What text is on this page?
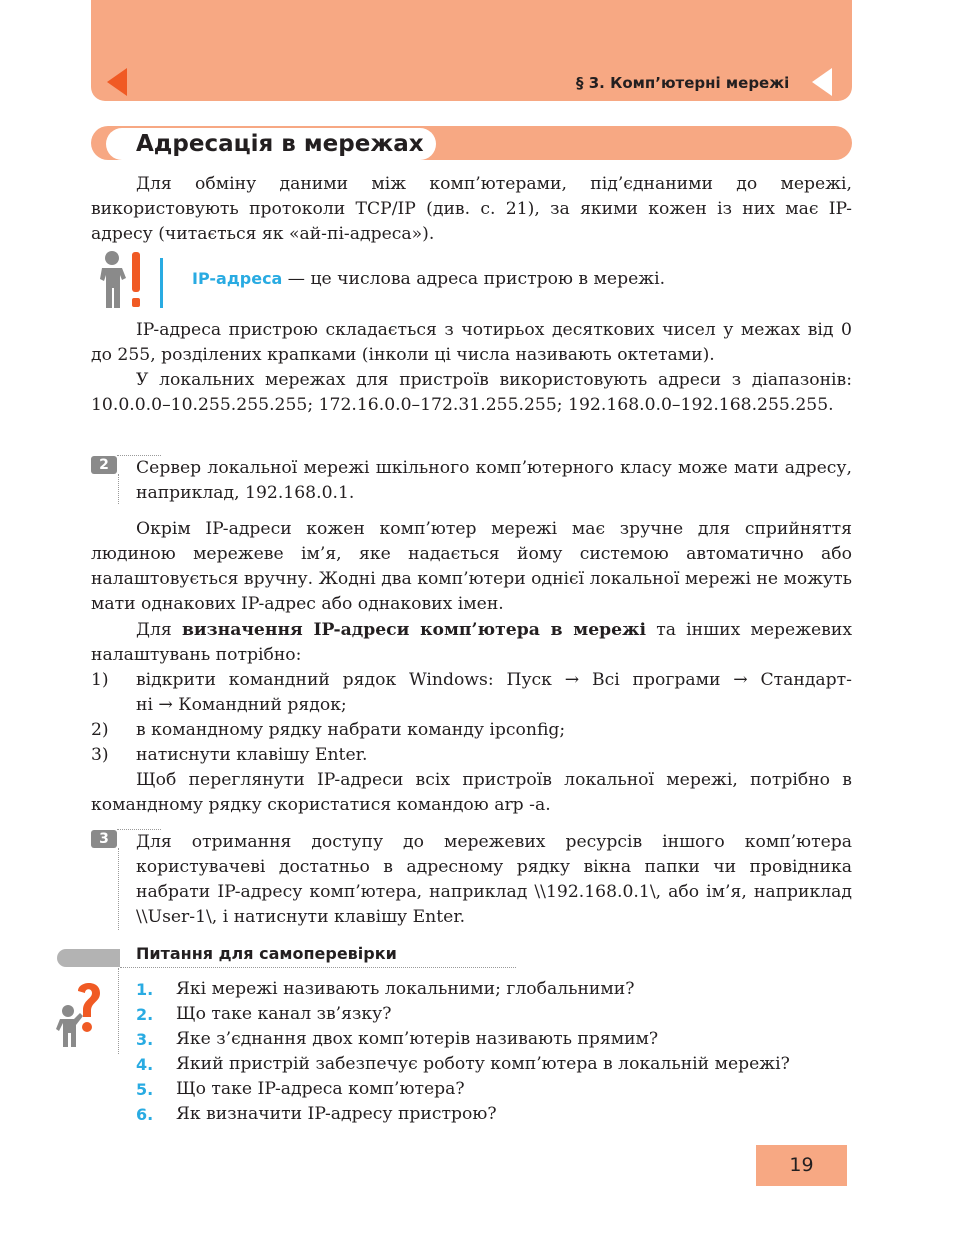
§ 3. Комп’ютерні мережі
Адресація в мережах
Для обміну даними між комп’ютерами, під’єднаними до мережі, використовують протоколи TCP/IP (див. с. 21), за якими кожен із них має IP-адресу (читається як «ай-пі-адреса»).
IP-адреса — це числова адреса пристрою в мережі.
IP-адреса пристрою складається з чотирьох десяткових чисел у межах від 0 до 255, розділених крапками (інколи ці числа називають октетами).
У локальних мережах для пристроїв використовують адреси з діапазонів: 10.0.0.0–10.255.255.255; 172.16.0.0–172.31.255.255; 192.168.0.0–192.168.255.255.
2	Сервер локальної мережі шкільного комп’ютерного класу може мати адресу, наприклад, 192.168.0.1.
Окрім IP-адреси кожен комп’ютер мережі має зручне для сприйняття людиною мережеве ім’я, яке надається йому системою автоматично або налаштовується вручну. Жодні два комп’ютери однієї локальної мережі не можуть мати однакових IP-адрес або однакових імен.
Для визначення IP-адреси комп’ютера в мережі та інших мережевих налаштувань потрібно:
1) відкрити командний рядок Windows: Пуск → Всі програми → Стандарт-
ні → Командний рядок;
2) в командному рядку набрати команду ipconfig;
3) натиснути клавішу Enter.
Щоб переглянути IP-адреси всіх пристроїв локальної мережі, потрібно в командному рядку скористатися командою arp -a.
3	Для отримання доступу до мережевих ресурсів іншого комп’ютера користувачеві достатньо в адресному рядку вікна папки чи провідника набрати IP-адресу комп’ютера, наприклад \\192.168.0.1\, або ім’я, наприклад \\User-1\, і натиснути клавішу Enter.
Питання для самоперевірки
1. Які мережі називають локальними; глобальними?
2. Що таке канал зв’язку?
3. Яке з’єднання двох комп’ютерів називають прямим?
4. Який пристрій забезпечує роботу комп’ютера в локальній мережі?
5. Що таке IP-адреса комп’ютера?
6. Як визначити IP-адресу пристрою?
19
